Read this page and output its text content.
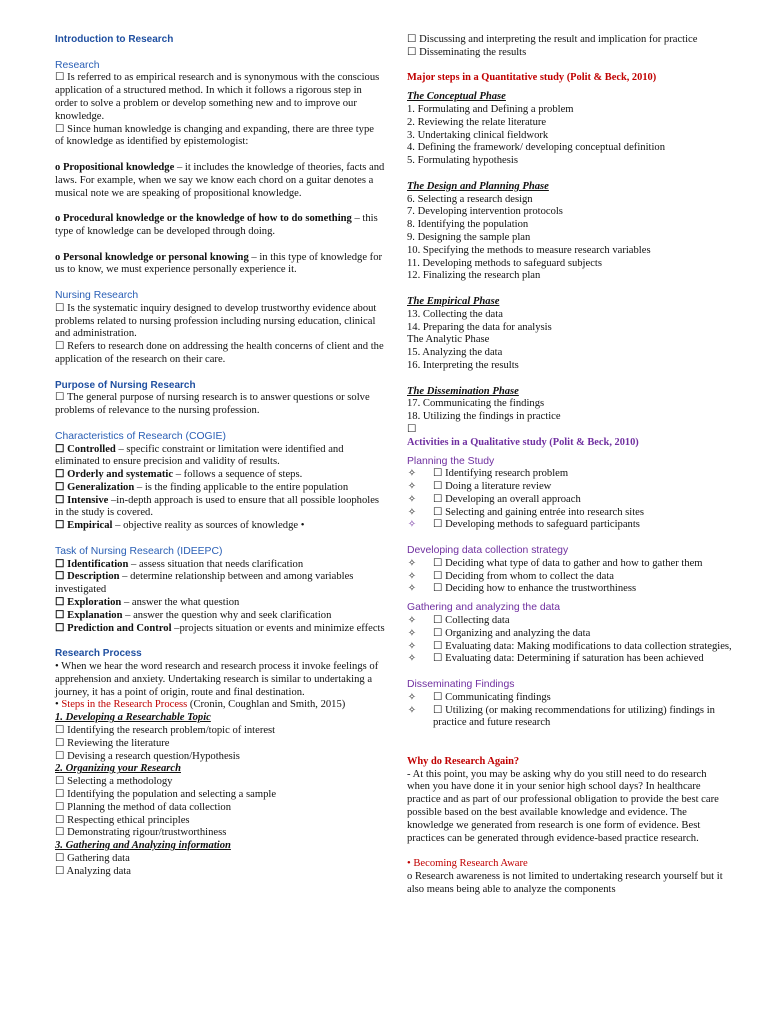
Introduction to Research

Research

☐ Is referred to as empirical research and is synonymous with the conscious application of a structured method. In which it follows a rigorous step in order to solve a problem or develop something new and to improve our knowledge.

☐ Since human knowledge is changing and expanding, there are three type of knowledge as identified by epistemologist:

o Propositional knowledge – it includes the knowledge of theories, facts and laws. For example, when we say we know each chord on a guitar denotes a musical note we are speaking of propositional knowledge.

o Procedural knowledge or the knowledge of how to do something – this type of knowledge can be developed through doing.

o Personal knowledge or personal knowing – in this type of knowledge for us to know, we must experience personally experience it.

Nursing Research

☐ Is the systematic inquiry designed to develop trustworthy evidence about problems related to nursing profession including nursing education, clinical and administration.

☐ Refers to research done on addressing the health concerns of client and the application of the research on their care.

Purpose of Nursing Research

☐ The general purpose of nursing research is to answer questions or solve problems of relevance to the nursing profession.

Characteristics of Research (COGIE)

☐ Controlled – specific constraint or limitation were identified and eliminated to ensure precision and validity of results.

☐ Orderly and systematic – follows a sequence of steps.

☐ Generalization – is the finding applicable to the entire population

☐ Intensive –in-depth approach is used to ensure that all possible loopholes in the study is covered.

☐ Empirical – objective reality as sources of knowledge •

Task of Nursing Research (IDEEPC)

☐ Identification – assess situation that needs clarification

☐ Description – determine relationship between and among variables investigated

☐ Exploration – answer the what question

☐ Explanation – answer the question why and seek clarification

☐ Prediction and Control –projects situation or events and minimize effects

Research Process

• When we hear the word research and research process it invoke feelings of apprehension and anxiety. Undertaking research is similar to undertaking a journey, it has a point of origin, route and final destination.

• Steps in the Research Process (Cronin, Coughlan and Smith, 2015)

1. Developing a Researchable Topic

☐ Identifying the research problem/topic of interest

☐ Reviewing the literature

☐ Devising a research question/Hypothesis

2. Organizing your Research

☐ Selecting a methodology

☐ Identifying the population and selecting a sample

☐ Planning the method of data collection

☐ Respecting ethical principles

☐ Demonstrating rigour/trustworthiness

3. Gathering and Analyzing information

☐ Gathering data

☐ Analyzing data

☐ Discussing and interpreting the result and implication for practice

☐ Disseminating the results

Major steps in a Quantitative study (Polit & Beck, 2010)

The Conceptual Phase

1. Formulating and Defining a problem

2. Reviewing the relate literature

3. Undertaking clinical fieldwork

4. Defining the framework/ developing conceptual definition

5. Formulating hypothesis

The Design and Planning Phase

6. Selecting a research design

7. Developing intervention protocols

8. Identifying the population

9. Designing the sample plan

10. Specifying the methods to measure research variables

11. Developing methods to safeguard subjects

12. Finalizing the research plan

The Empirical Phase

13. Collecting the data

14. Preparing the data for analysis

The Analytic Phase

15. Analyzing the data

16. Interpreting the results

The Dissemination Phase

17. Communicating the findings

18. Utilizing the findings in practice

☐

Activities in a Qualitative study (Polit & Beck, 2010)

Planning the Study

✧ ☐ Identifying research problem
✧ ☐ Doing a literature review
✧ ☐ Developing an overall approach
✧ ☐ Selecting and gaining entrée into research sites
✧ ☐ Developing methods to safeguard participants

Developing data collection strategy

✧ ☐ Deciding what type of data to gather and how to gather them
✧ ☐ Deciding from whom to collect the data
✧ ☐ Deciding how to enhance the trustworthiness

Gathering and analyzing the data

✧ ☐ Collecting data
✧ ☐ Organizing and analyzing the data
✧ ☐ Evaluating data: Making modifications to data collection strategies,
✧ ☐ Evaluating data: Determining if saturation has been achieved

Disseminating Findings

✧ ☐ Communicating findings
✧ ☐ Utilizing (or making recommendations for utilizing) findings in practice and future research

Why do Research Again?

- At this point, you may be asking why do you still need to do research when you have done it in your senior high school days? In healthcare practice and as part of our professional obligation to provide the best care possible based on the best available knowledge and evidence. The knowledge we generated from research is one form of evidence. Best practices can be generated through evidence-based practice research.

• Becoming Research Aware

o Research awareness is not limited to undertaking research yourself but it also means being able to analyze the components
